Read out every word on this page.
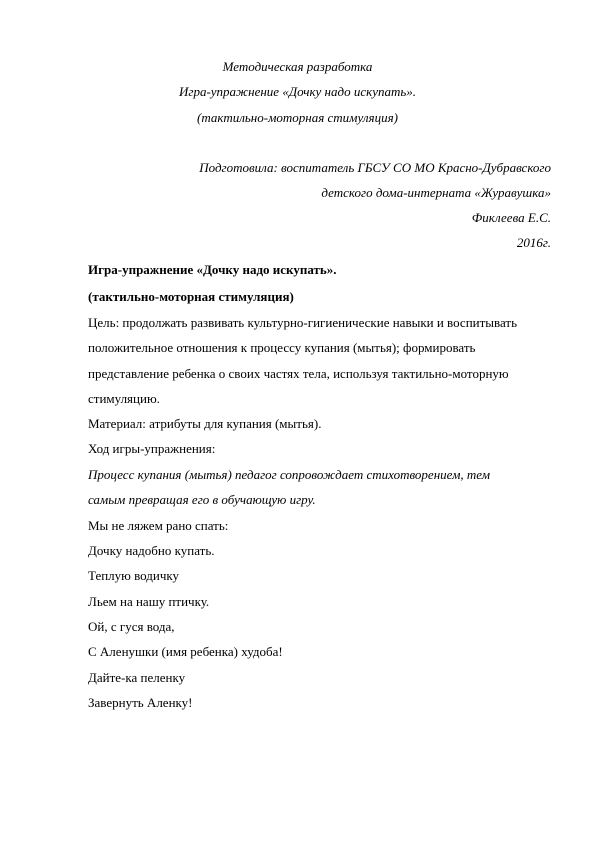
Методическая разработка
Игра-упражнение «Дочку надо искупать».
(тактильно-моторная стимуляция)
Подготовила: воспитатель ГБСУ СО МО Красно-Дубравского
детского дома-интерната «Журавушка»
Фиклеева Е.С.
2016г.
Игра-упражнение «Дочку надо искупать».
(тактильно-моторная стимуляция)
Цель: продолжать развивать культурно-гигиенические навыки и воспитывать
положительное отношения к процессу купания (мытья); формировать
представление ребенка о своих частях тела, используя тактильно-моторную
стимуляцию.
Материал: атрибуты для купания (мытья).
Ход игры-упражнения:
Процесс купания (мытья) педагог сопровождает стихотворением, тем
самым превращая его в обучающую игру.
Мы не ляжем рано спать:
Дочку надобно купать.
Теплую водичку
Льем на нашу птичку.
Ой, с гуся вода,
С Аленушки (имя ребенка) худоба!
Дайте-ка пеленку
Завернуть Аленку!
